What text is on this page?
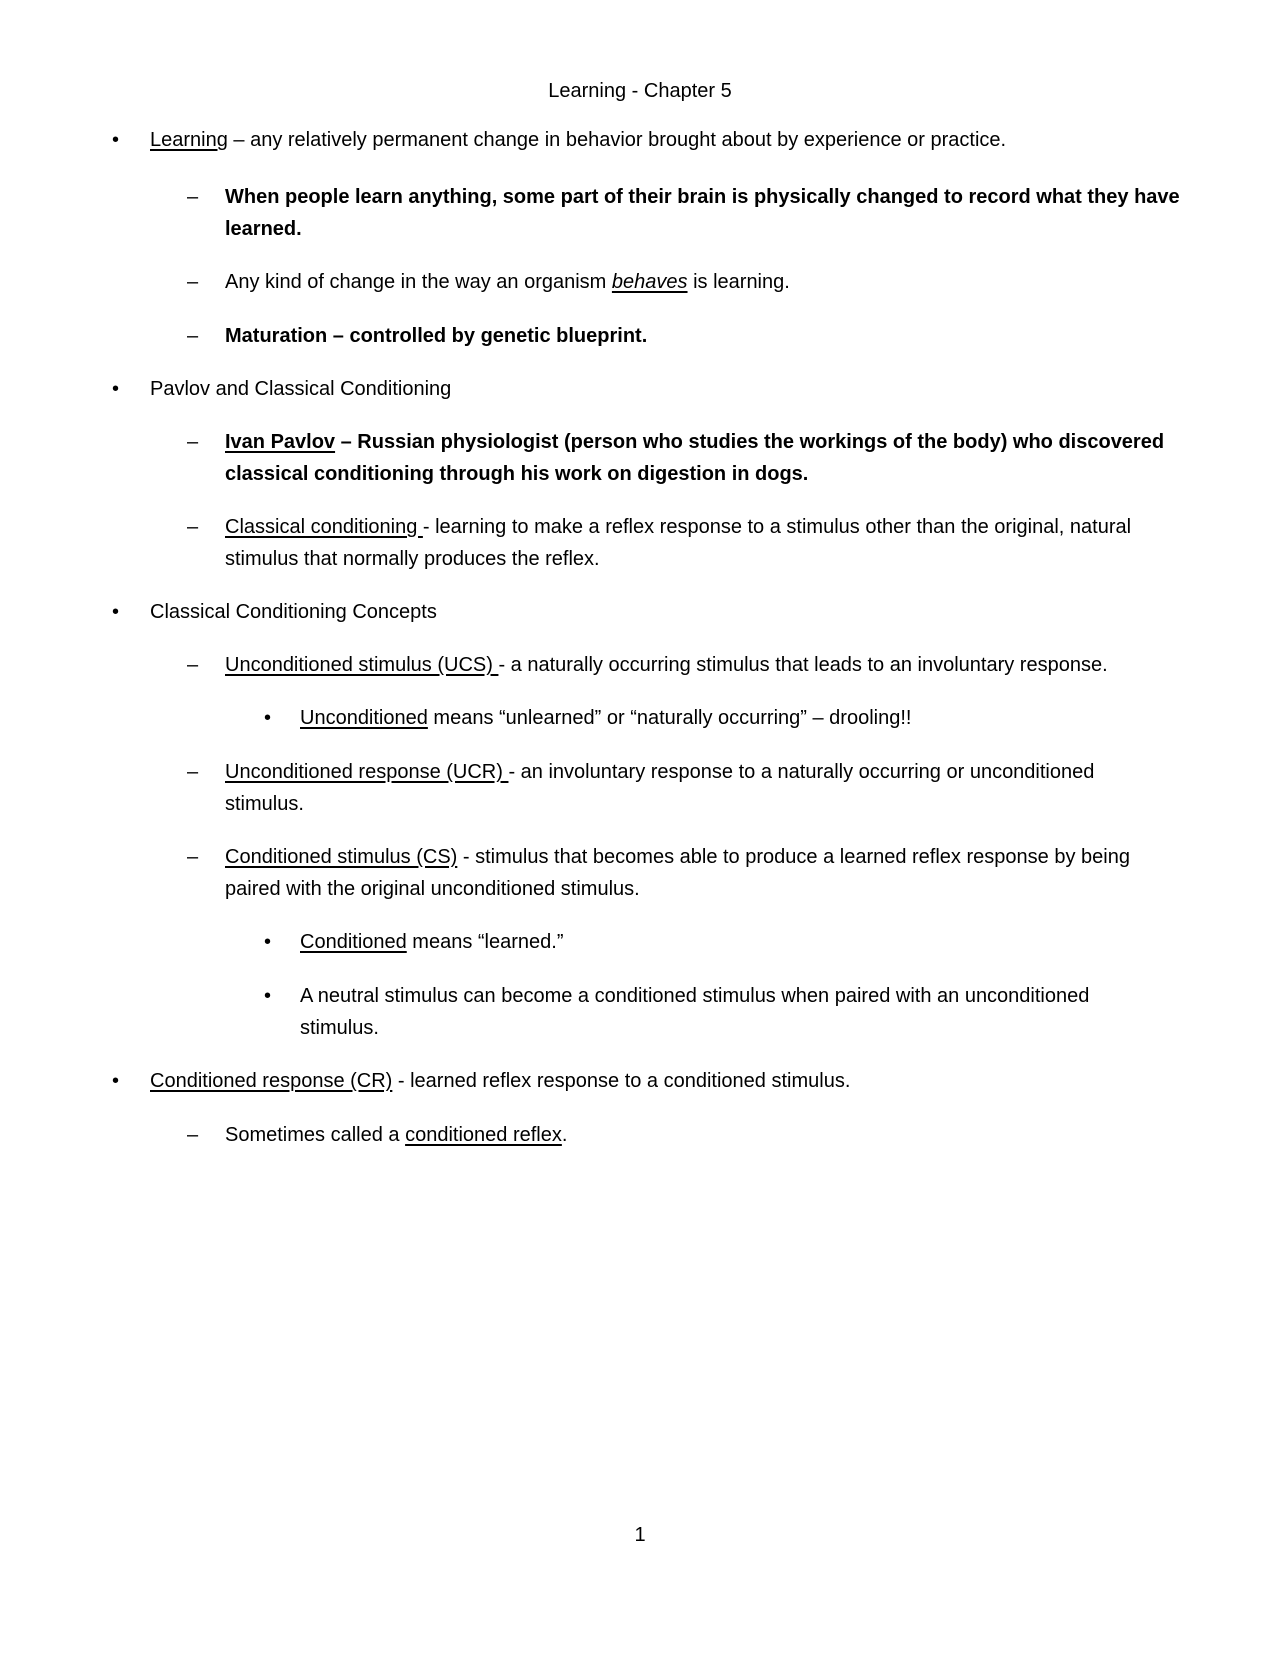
Learning - Chapter 5
• Learning – any relatively permanent change in behavior brought about by experience or practice.
– When people learn anything, some part of their brain is physically changed to record what they have
learned.
– Any kind of change in the way an organism behaves is learning.
– Maturation – controlled by genetic blueprint.
• Pavlov and Classical Conditioning
– Ivan Pavlov – Russian physiologist (person who studies the workings of the body) who discovered
classical conditioning through his work on digestion in dogs.
– Classical conditioning - learning to make a reflex response to a stimulus other than the original, natural
stimulus that normally produces the reflex.
• Classical Conditioning Concepts
– Unconditioned stimulus (UCS) - a naturally occurring stimulus that leads to an involuntary response.
• Unconditioned means “unlearned” or “naturally occurring” – drooling!!
– Unconditioned response (UCR) - an involuntary response to a naturally occurring or unconditioned
stimulus.
– Conditioned stimulus (CS) - stimulus that becomes able to produce a learned reflex response by being
paired with the original unconditioned stimulus.
• Conditioned means “learned.”
• A neutral stimulus can become a conditioned stimulus when paired with an unconditioned
stimulus.
• Conditioned response (CR) - learned reflex response to a conditioned stimulus.
– Sometimes called a conditioned reflex.
1
